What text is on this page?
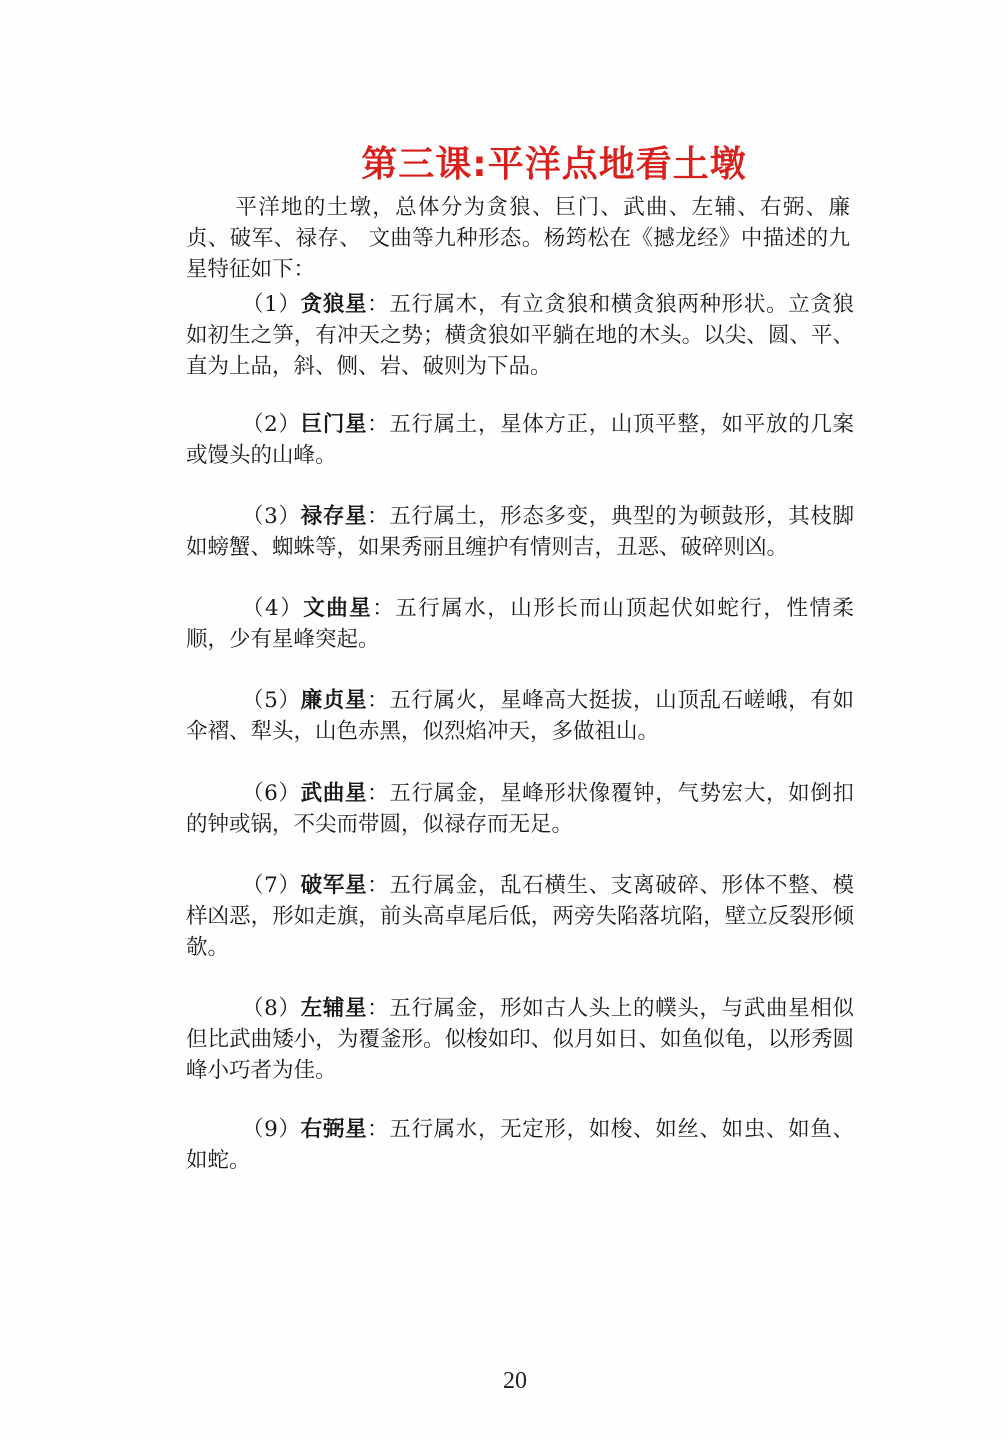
第三课:平洋点地看土墩

平洋地的土墩，总体分为贪狼、巨门、武曲、左辅、右弼、廉贞、破军、禄存、 文曲等九种形态。杨筠松在《撼龙经》中描述的九星特征如下：

（1）贪狼星：五行属木，有立贪狼和横贪狼两种形状。立贪狼如初生之笋，有冲天之势；横贪狼如平躺在地的木头。以尖、圆、平、直为上品，斜、侧、岩、破则为下品。

（2）巨门星：五行属土，星体方正，山顶平整，如平放的几案或馒头的山峰。

（3）禄存星：五行属土，形态多变，典型的为顿鼓形，其枝脚如螃蟹、蜘蛛等，如果秀丽且缠护有情则吉，丑恶、破碎则凶。

（4）文曲星：五行属水，山形长而山顶起伏如蛇行，性情柔顺，少有星峰突起。

（5）廉贞星：五行属火，星峰高大挺拔，山顶乱石嵯峨，有如伞褶、犁头，山色赤黑，似烈焰冲天，多做祖山。

（6）武曲星：五行属金，星峰形状像覆钟，气势宏大，如倒扣的钟或锅，不尖而带圆，似禄存而无足。

（7）破军星：五行属金，乱石横生、支离破碎、形体不整、模样凶恶，形如走旗，前头高卓尾后低，两旁失陷落坑陷，壁立反裂形倾欹。

（8）左辅星：五行属金，形如古人头上的幞头，与武曲星相似但比武曲矮小，为覆釜形。似梭如印、似月如日、如鱼似龟，以形秀圆峰小巧者为佳。

（9）右弼星：五行属水，无定形，如梭、如丝、如虫、如鱼、如蛇。

20
